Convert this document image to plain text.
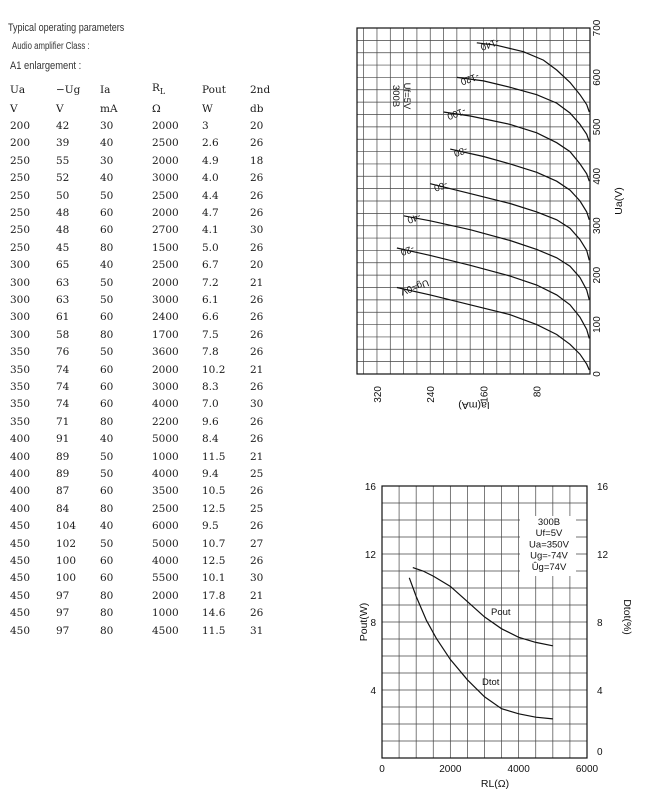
Typical operating parameters
Audio amplifier Class :
A1 enlargement :
Ua	−Ug	Ia	$R_L$	Pout	2nd
V	V	mA	Ω	W	db
200	42	30	2000	3	20
200	39	40	2500	2.6	26
250	55	30	2000	4.9	18
250	52	40	3000	4.0	26
250	50	50	2500	4.4	26
250	48	60	2000	4.7	26
250	48	60	2700	4.1	30
250	45	80	1500	5.0	26
300	65	40	2500	6.7	20
300	63	50	2000	7.2	21
300	63	50	3000	6.1	26
300	61	60	2400	6.6	26
300	58	80	1700	7.5	26
350	76	50	3600	7.8	26
350	74	60	2000	10.2	21
350	74	60	3000	8.3	26
350	74	60	4000	7.0	30
350	71	80	2200	9.6	26
400	91	40	5000	8.4	26
400	89	50	1000	11.5	21
400	89	50	4000	9.4	25
400	87	60	3500	10.5	26
400	84	80	2500	12.5	25
450	104	40	6000	9.5	26
450	102	50	5000	10.7	27
450	100	60	4000	12.5	26
450	100	60	5500	10.1	30
450	97	80	2000	17.8	21
450	97	80	1000	14.6	26
450	97	80	4500	11.5	31
0
100
200
300
400
500
600
700
320	240	160	80
Ua(V)
Ia(mA)
300B Uf=5V
Ug=0V
-20
-40
-60
-80
-100
-120
-140
4
8
12
16
0
4
8
12
16
0	2000	4000	6000
RL(Ω)
Pout(W)	Dtot(%)
300B
Uf=5V
Ua=350V
Ug=-74V
Ûg=74V
Pout
Dtot
